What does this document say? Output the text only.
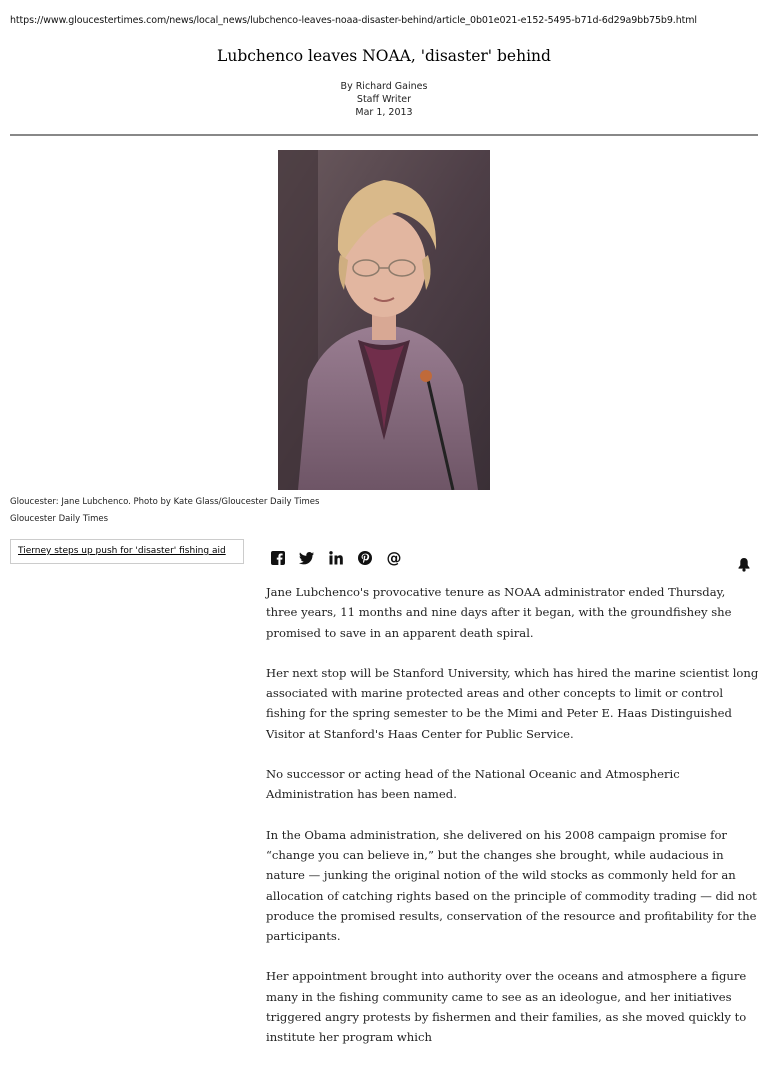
https://www.gloucestertimes.com/news/local_news/lubchenco-leaves-noaa-disaster-behind/article_0b01e021-e152-5495-b71d-6d29a9bb75b9.html
Lubchenco leaves NOAA, 'disaster' behind
By Richard Gaines
Staff Writer
Mar 1, 2013
Gloucester: Jane Lubchenco. Photo by Kate Glass/Gloucester Daily Times
Gloucester Daily Times
Tierney steps up push for 'disaster' fishing aid	@

Jane Lubchenco's provocative tenure as NOAA administrator ended Thursday, three years, 11 months and nine days after it began, with the groundfishey she promised to save in an apparent death spiral.

Her next stop will be Stanford University, which has hired the marine scientist long associated with marine protected areas and other concepts to limit or control fishing for the spring semester to be the Mimi and Peter E. Haas Distinguished Visitor at Stanford's Haas Center for Public Service.

No successor or acting head of the National Oceanic and Atmospheric Administration has been named.

In the Obama administration, she delivered on his 2008 campaign promise for “change you can believe in,” but the changes she brought, while audacious in nature — junking the original notion of the wild stocks as commonly held for an allocation of catching rights based on the principle of commodity trading — did not produce the promised results, conservation of the resource and profitability for the participants.

Her appointment brought into authority over the oceans and atmosphere a figure many in the fishing community came to see as an ideologue, and her initiatives triggered angry protests by fishermen and their families, as she moved quickly to institute her program which
